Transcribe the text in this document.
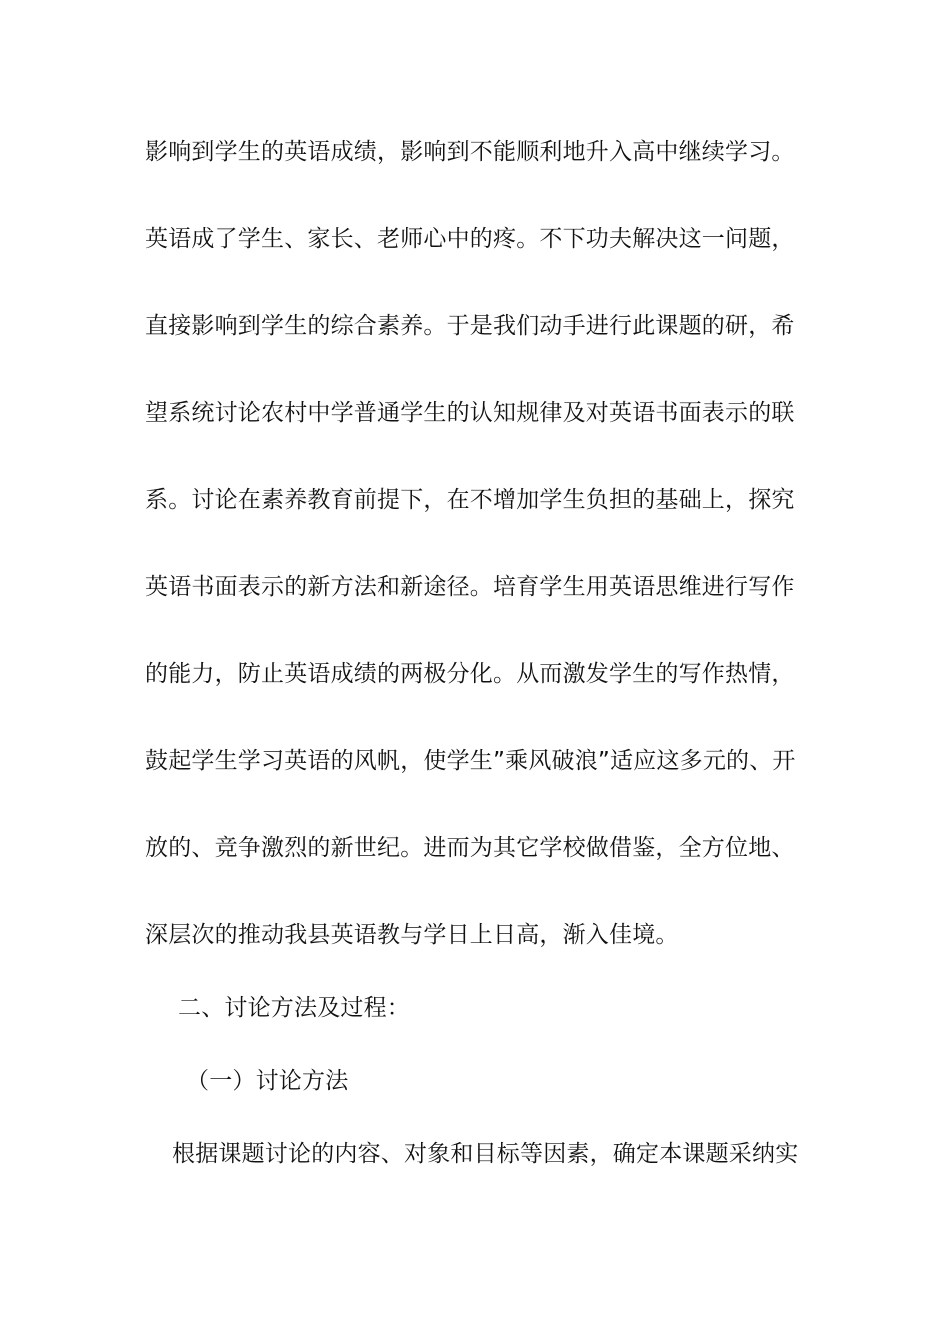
影响到学生的英语成绩，影响到不能顺利地升入高中继续学习。
英语成了学生、家长、老师心中的疼。不下功夫解决这一问题，
直接影响到学生的综合素养。于是我们动手进行此课题的研，希
望系统讨论农村中学普通学生的认知规律及对英语书面表示的联
系。讨论在素养教育前提下，在不增加学生负担的基础上，探究
英语书面表示的新方法和新途径。培育学生用英语思维进行写作
的能力，防止英语成绩的两极分化。从而激发学生的写作热情，
鼓起学生学习英语的风帆，使学生”乘风破浪”适应这多元的、开
放的、竞争激烈的新世纪。进而为其它学校做借鉴，全方位地、
深层次的推动我县英语教与学日上日高，渐入佳境。
二、讨论方法及过程：
（一）讨论方法
根据课题讨论的内容、对象和目标等因素，确定本课题采纳实
